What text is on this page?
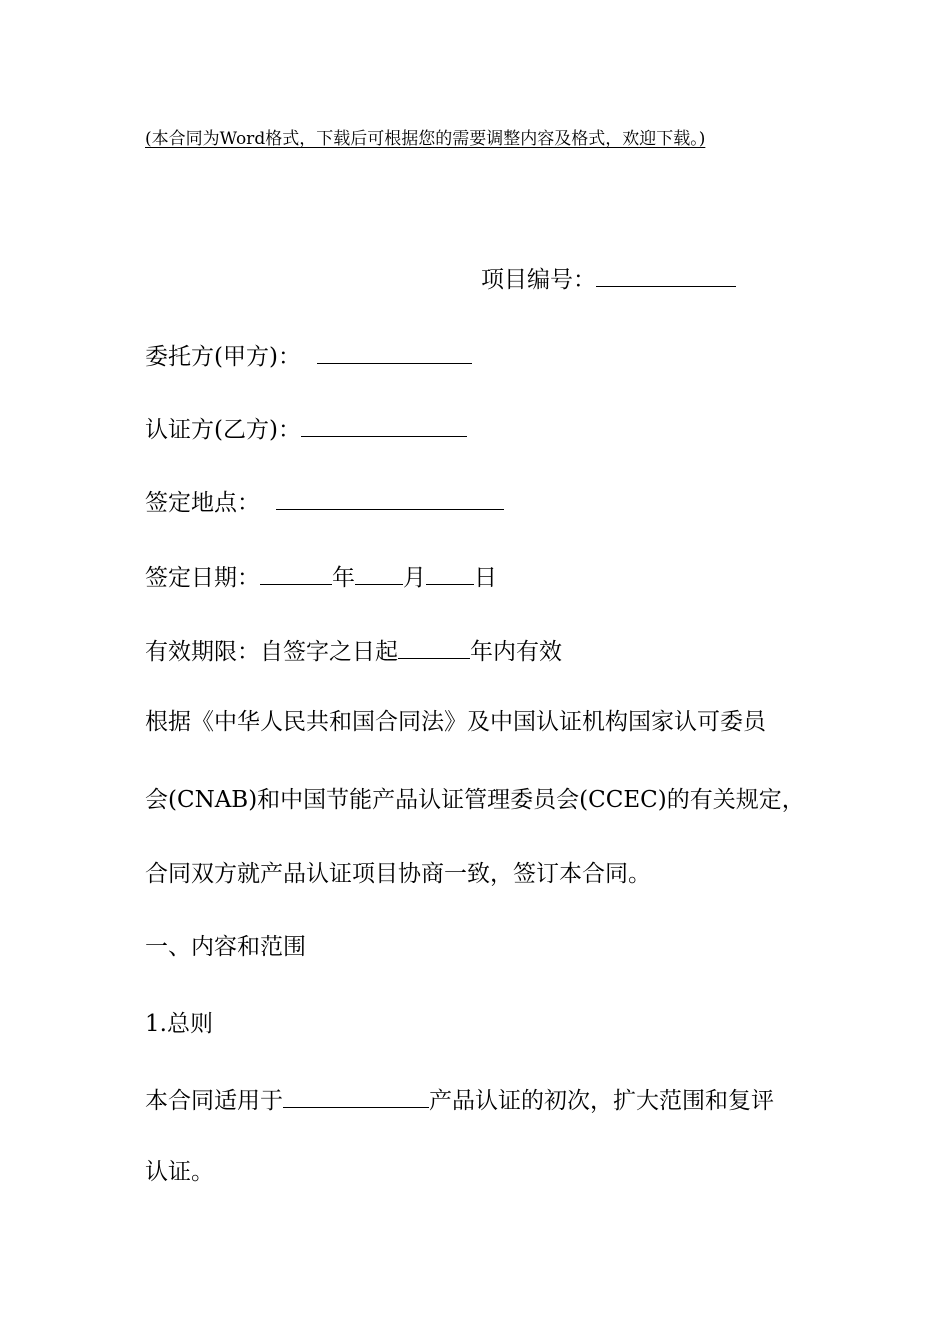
(本合同为Word格式，下载后可根据您的需要调整内容及格式，欢迎下载。)
项目编号：
委托方(甲方)：
认证方(乙方)：
签定地点：
签定日期：	年 月 日
有效期限：自签字之日起	年内有效
根据《中华人民共和国合同法》及中国认证机构国家认可委员
会(CNAB)和中国节能产品认证管理委员会(CCEC)的有关规定，
合同双方就产品认证项目协商一致，签订本合同。
一、内容和范围
1.总则
本合同适用于	产品认证的初次，扩大范围和复评
认证。
